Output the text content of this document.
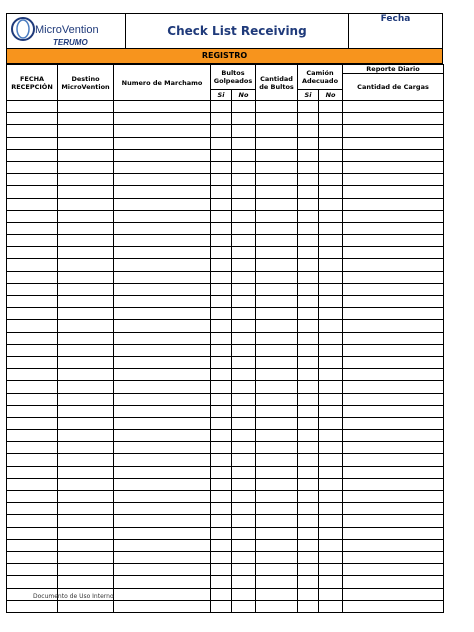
MicroVention
TERUMO
Check List Receiving
Fecha
REGISTRO
FECHA RECEPCIÓN	Destino MicroVention	Numero de Marchamo	Bultos Golpeados		Cantidad de Bultos	Camión Adecuado		Reporte Diario
								Cantidad de Cargas
			Si	No		Si	No	

Documento de Uso Interno
